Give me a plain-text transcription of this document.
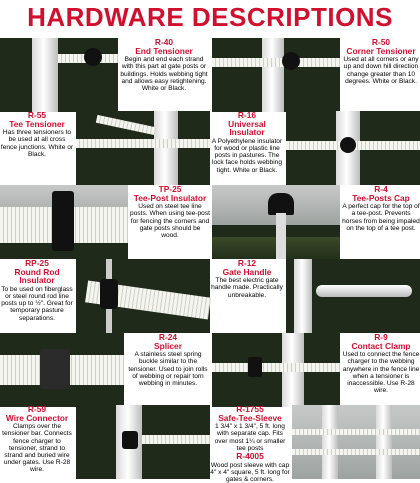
HARDWARE DESCRIPTIONS
R-40
End Tensioner
Begin and end each strand with this part at gate posts or buildings. Holds webbing tight and allows easy retightening. White or Black.
R-50
Corner Tensioner
Used at all corners or any up and down hill direction change greater than 10 degrees. White or Black.
R-55
Tee Tensioner
Has three tensioners to be used at all cross fence junctions. White or Black.
R-16
Universal Insulator
A Polyethylene insulator for wood or plastic line posts in pastures. The lock face holds webbing tight. White or Black.
TP-25
Tee-Post Insulator
Used on steel tee line posts. When using tee-post for fencing the corners and gate posts should be wood.
R-4
Tee-Posts Cap
A perfect cap for the top of a tee-post. Prevents horses from being impaled on the top of a tee post.
RP-25
Round Rod Insulator
To be used on fiberglass or steel round rod line posts up to ½". Great for temporary pasture separations.
R-12
Gate Handle
The best electric gate handle made. Practically unbreakable.
R-24
Splicer
A stainless steel spring buckle similar to the tensioner. Used to join rolls of webbing or repair torn webbing in minutes.
R-9
Contact Clamp
Used to connect the fence charger to the webbing anywhere in the fence line when a tensioner is inaccessible. Use R-28 wire.
R-59
Wire Connector
Clamps over the tensioner bar. Connects fence charger to tensioner, strand to strand and buried wire under gates. Use R-28 wire.
R-1755
Safe-Tee-Sleeve
1 3/4" x 1 3/4", 5 ft. long with separate cap. Fits over most 1¼ or smaller tee posts
R-4005
Wood post sleeve with cap 4" x 4" square, 5 ft. long for gates & corners.
